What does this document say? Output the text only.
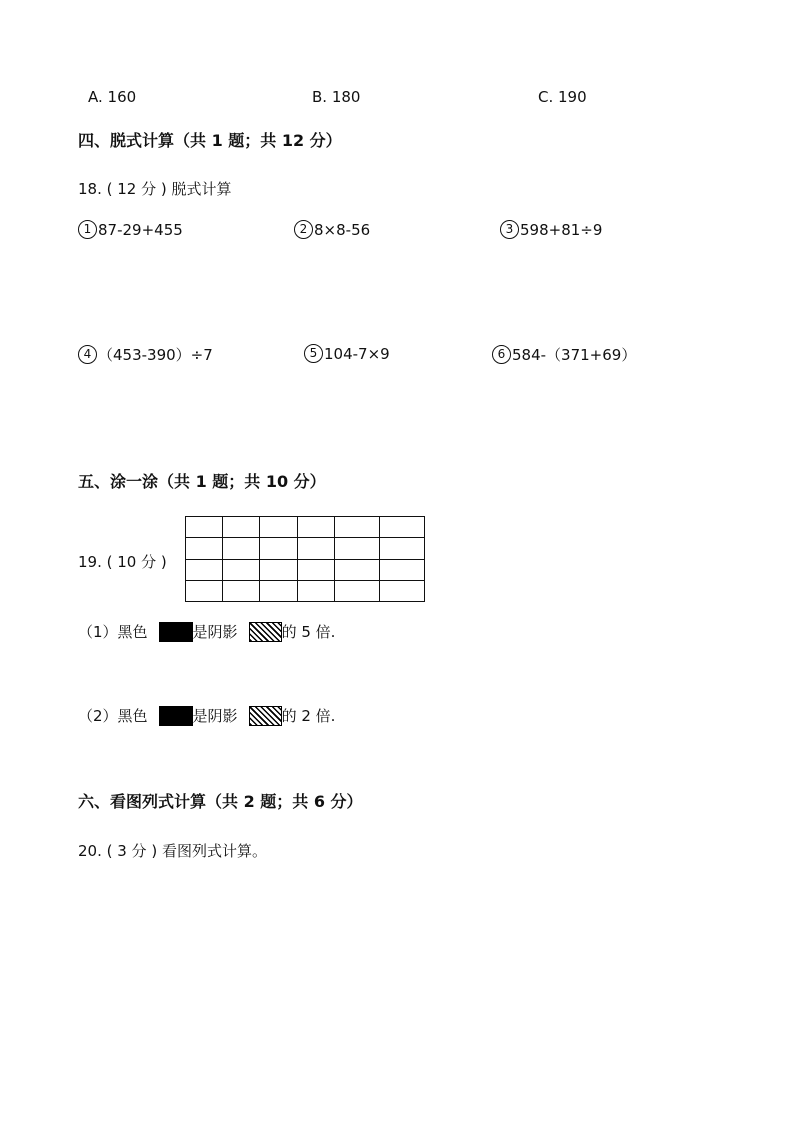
A. 160	B. 180	C. 190
四、脱式计算（共 1 题；共 12 分）
18. ( 12 分 ) 脱式计算
1 87-29+455	2 8×8-56	3 598+81÷9
4 （453-390）÷7	5 104-7×9	6 584-（371+69）
五、涂一涂（共 1 题；共 10 分）

19. ( 10 分 )
（1）黑色	是阴影	的 5 倍.
（2）黑色	是阴影	的 2 倍.
六、看图列式计算（共 2 题；共 6 分）
20. ( 3 分 ) 看图列式计算。
